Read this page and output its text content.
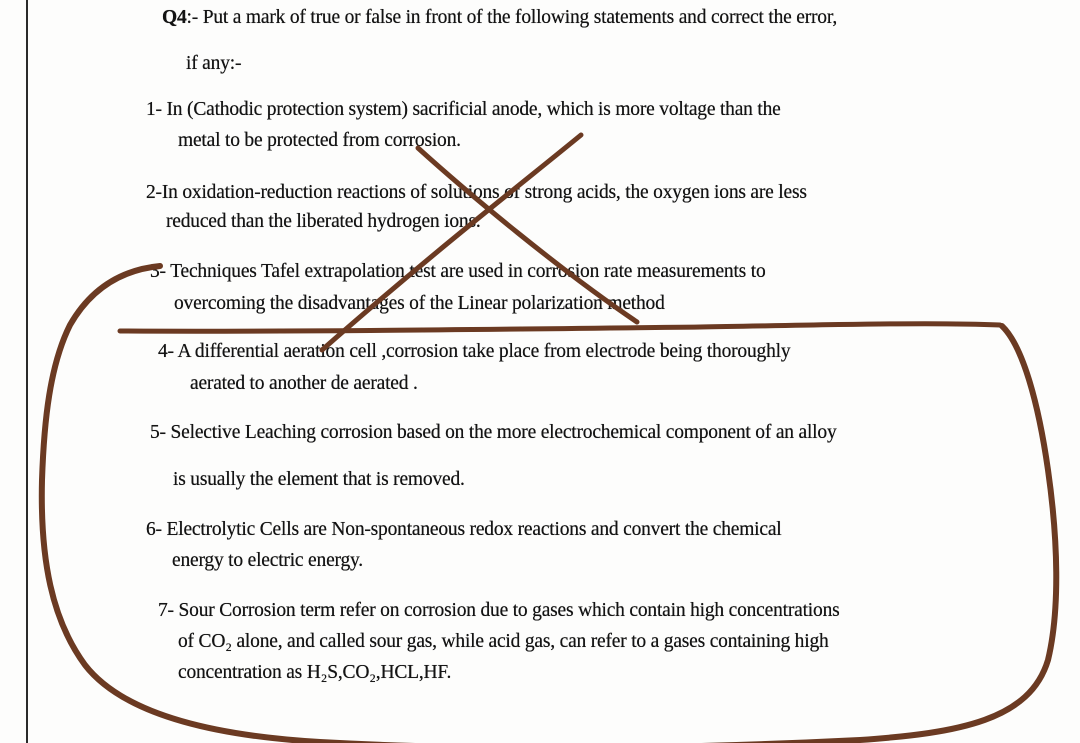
Q4:- Put a mark of true or false in front of the following statements and correct the error,
if any:-
1- In (Cathodic protection system) sacrificial anode, which is more voltage than the
metal to be protected from corrosion.
2-In oxidation-reduction reactions of solutions of strong acids, the oxygen ions are less
reduced than the liberated hydrogen ions.
3- Techniques Tafel extrapolation test are used in corrosion rate measurements to
overcoming the disadvantages of the Linear polarization method
4- A differential aeration cell ,corrosion take place from electrode being thoroughly
aerated to another de aerated .
5- Selective Leaching corrosion based on the more electrochemical component of an alloy
is usually the element that is removed.
6- Electrolytic Cells are Non-spontaneous redox reactions and convert the chemical
energy to electric energy.
7- Sour Corrosion term refer on corrosion due to gases which contain high concentrations
of CO₂ alone, and called sour gas, while acid gas, can refer to a gases containing high
concentration as H₂S,CO₂,HCL,HF.
